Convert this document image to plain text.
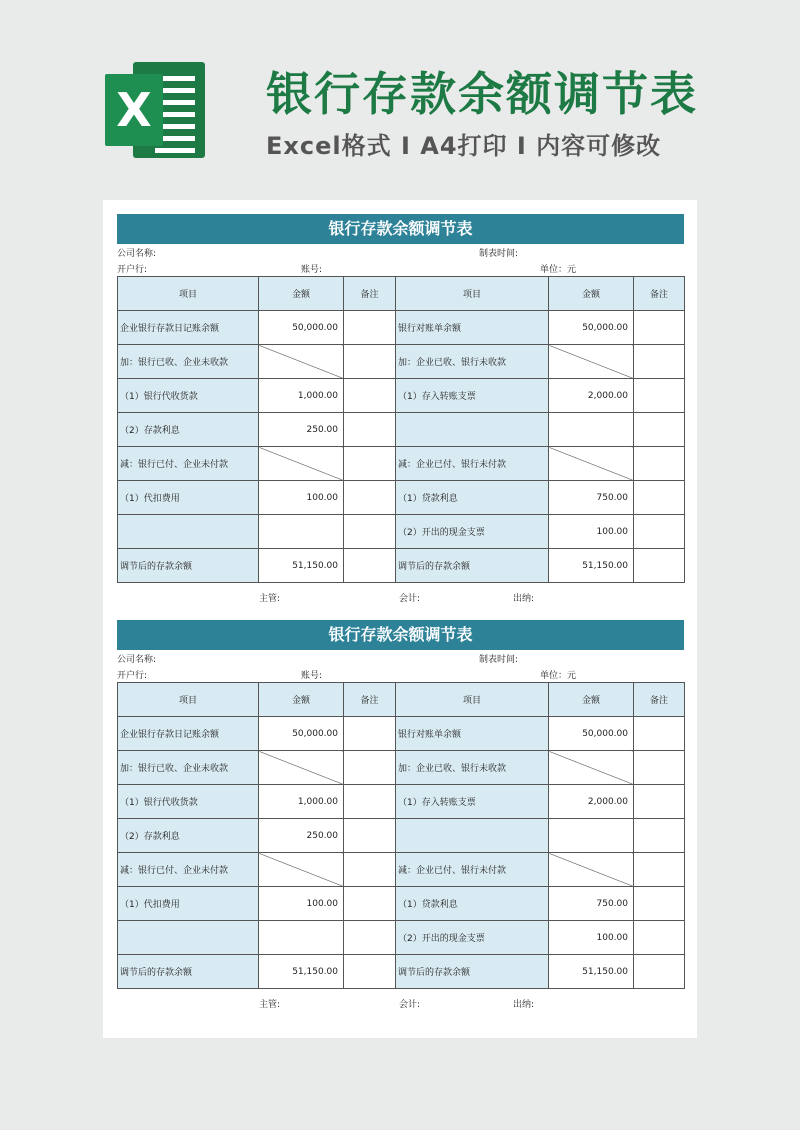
X 银行存款余额调节表
Excel格式 I A4打印 I 内容可修改
银行存款余额调节表
公司名称:	制表时间:
开户行:	账号:	单位：元
项目	金额	备注	项目	金额	备注
企业银行存款日记账余额	50,000.00		银行对账单余额	50,000.00	
加：银行已收、企业未收款			加：企业已收、银行未收款		
（1）银行代收货款	1,000.00		（1）存入转账支票	2,000.00	
（2）存款利息	250.00				
减：银行已付、企业未付款			减：企业已付、银行未付款		
（1）代扣费用	100.00		（1）贷款利息	750.00	
			（2）开出的现金支票	100.00	
调节后的存款余额	51,150.00		调节后的存款余额	51,150.00	
主管:	会计:	出纳:
银行存款余额调节表
公司名称:	制表时间:
开户行:	账号:	单位：元
项目	金额	备注	项目	金额	备注
企业银行存款日记账余额	50,000.00		银行对账单余额	50,000.00	
加：银行已收、企业未收款			加：企业已收、银行未收款		
（1）银行代收货款	1,000.00		（1）存入转账支票	2,000.00	
（2）存款利息	250.00				
减：银行已付、企业未付款			减：企业已付、银行未付款		
（1）代扣费用	100.00		（1）贷款利息	750.00	
			（2）开出的现金支票	100.00	
调节后的存款余额	51,150.00		调节后的存款余额	51,150.00	
主管:	会计:	出纳:
